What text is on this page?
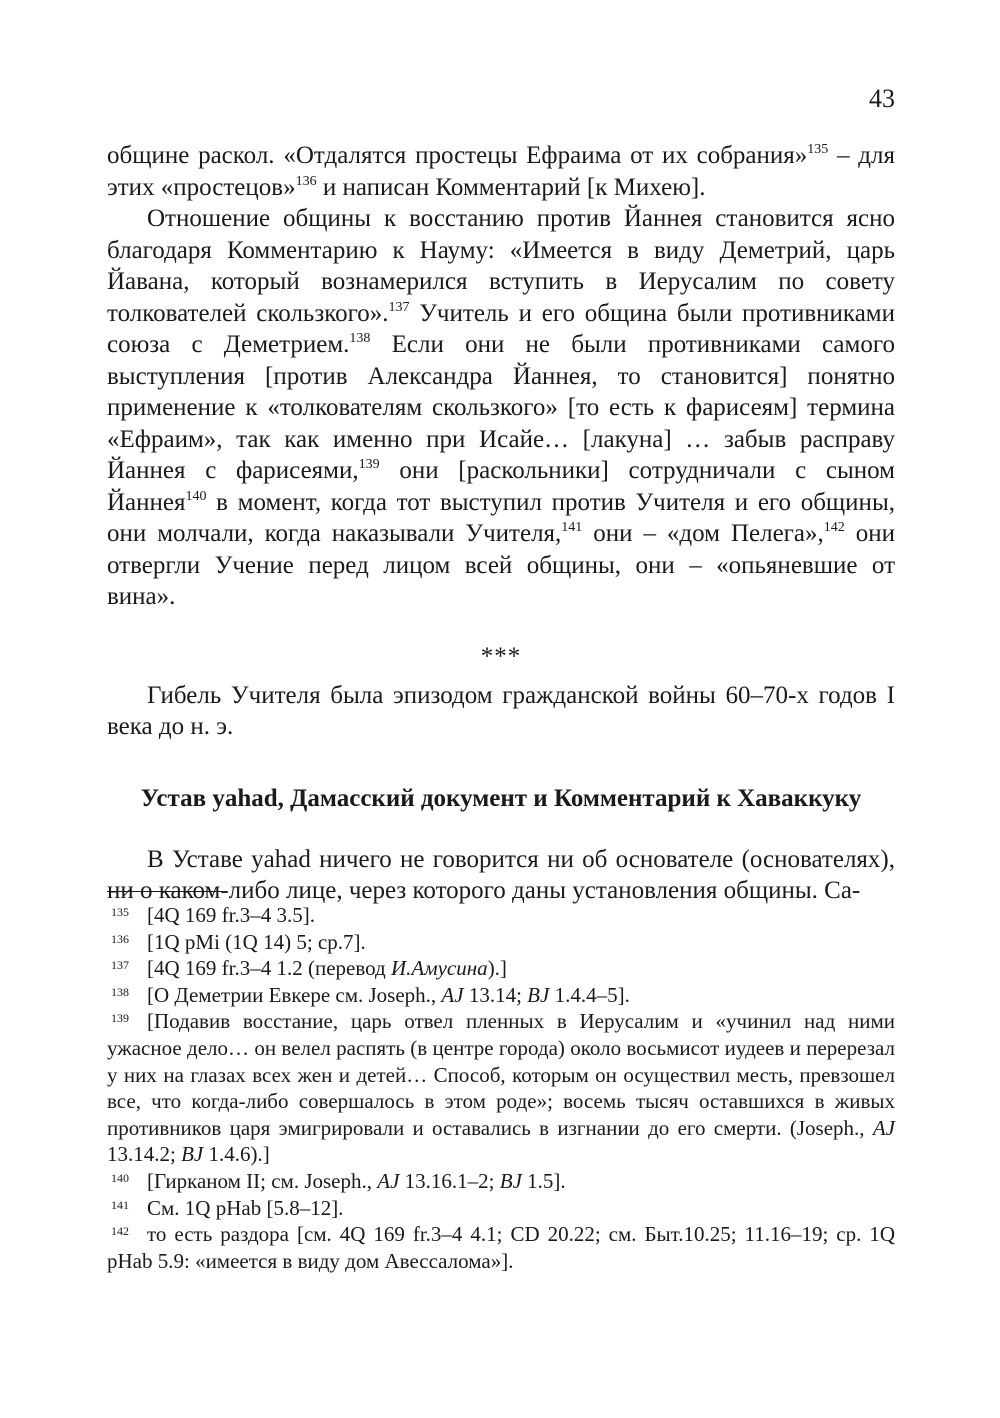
43

общине раскол. «Отдалятся простецы Ефраима от их собрания»$^{135}$ – для этих «простецов»$^{136}$ и написан Комментарий [к Михею].

Отношение общины к восстанию против Йаннея становится ясно благодаря Комментарию к Науму: «Имеется в виду Деметрий, царь Йавана, который вознамерился вступить в Иерусалим по совету толкователей скользкого».$^{137}$ Учитель и его община были противниками союза с Деметрием.$^{138}$ Если они не были противниками самого выступления [против Александра Йаннея, то становится] понятно применение к «толкователям скользкого» [то есть к фарисеям] термина «Ефраим», так как именно при Исайе… [лакуна] … забыв расправу Йаннея с фарисеями,$^{139}$ они [раскольники] сотрудничали с сыном Йаннея$^{140}$ в момент, когда тот выступил против Учителя и его общины, они молчали, когда наказывали Учителя,$^{141}$ они – «дом Пелега»,$^{142}$ они отвергли Учение перед лицом всей общины, они – «опьяневшие от вина».

***

Гибель Учителя была эпизодом гражданской войны 60–70-х годов I века до н. э.

Устав yahad, Дамасский документ и Комментарий к Хаваккуку

В Уставе yahad ничего не говорится ни об основателе (основателях), ни о каком-либо лице, через которого даны установления общины. Са-

135 [4Q 169 fr.3–4 3.5].

136 [1Q pMi (1Q 14) 5; ср.7].

137 [4Q 169 fr.3–4 1.2 (перевод И.Амусина).]

138 [О Деметрии Евкере см. Joseph., AJ 13.14; BJ 1.4.4–5].

139 [Подавив восстание, царь отвел пленных в Иерусалим и «учинил над ними ужасное дело… он велел распять (в центре города) около восьмисот иудеев и перерезал у них на глазах всех жен и детей… Способ, которым он осуществил месть, превзошел все, что когда-либо совершалось в этом роде»; восемь тысяч оставшихся в живых противников царя эмигрировали и оставались в изгнании до его смерти. (Joseph., AJ 13.14.2; BJ 1.4.6).]

140 [Гирканом II; см. Joseph., AJ 13.16.1–2; BJ 1.5].

141 См. 1Q pHab [5.8–12].

142 то есть раздора [см. 4Q 169 fr.3–4 4.1; CD 20.22; см. Быт.10.25; 11.16–19; ср. 1Q pHab 5.9: «имеется в виду дом Авессалома»].
